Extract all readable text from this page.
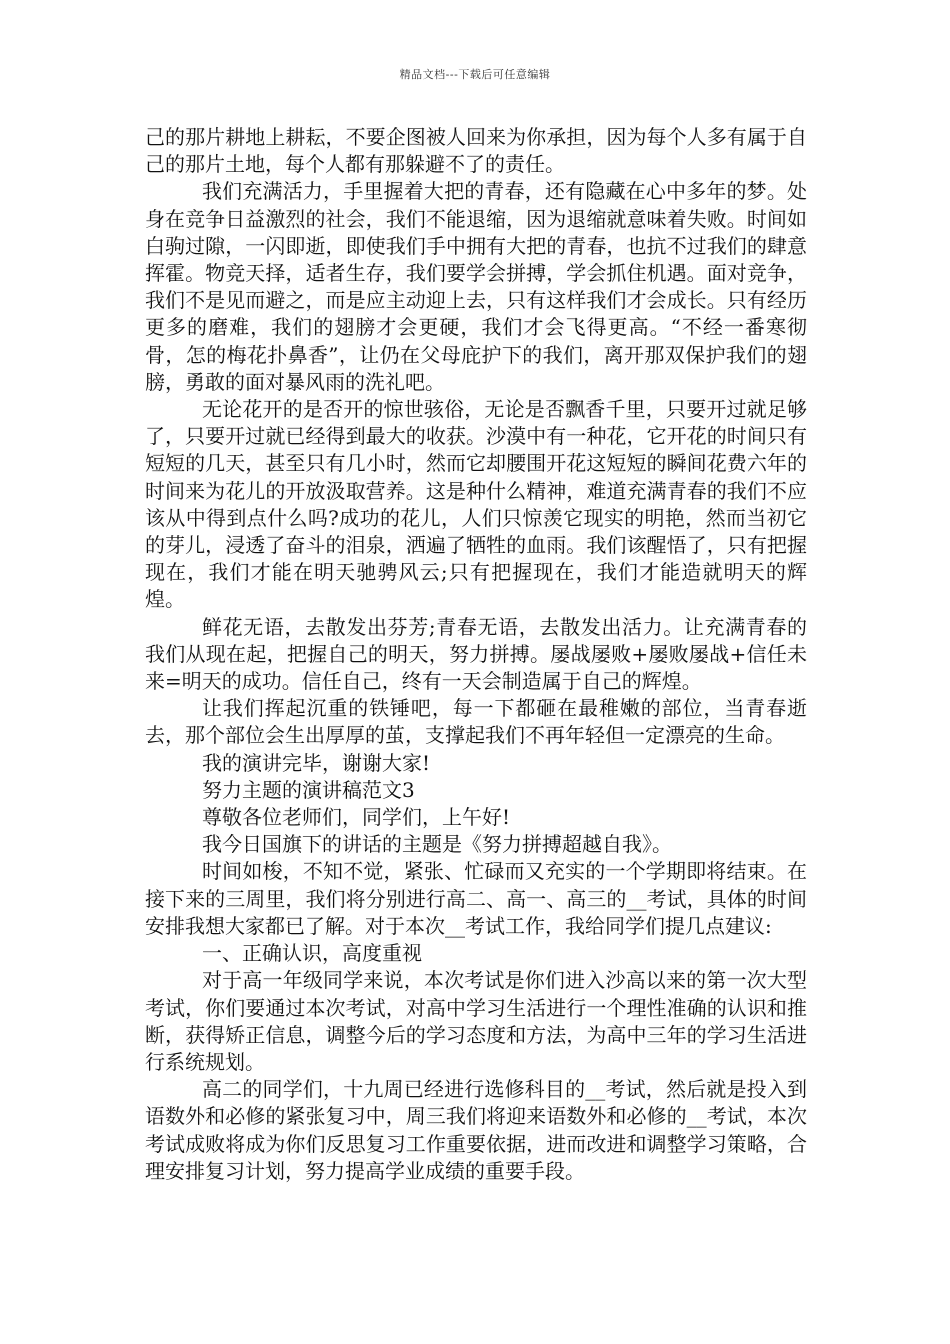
精品文档---下载后可任意编辑

己的那片耕地上耕耘，不要企图被人回来为你承担，因为每个人多有属于自己的那片土地，每个人都有那躲避不了的责任。

我们充满活力，手里握着大把的青春，还有隐藏在心中多年的梦。处身在竞争日益激烈的社会，我们不能退缩，因为退缩就意味着失败。时间如白驹过隙，一闪即逝，即使我们手中拥有大把的青春，也抗不过我们的肆意挥霍。物竞天择，适者生存，我们要学会拼搏，学会抓住机遇。面对竞争，我们不是见而避之，而是应主动迎上去，只有这样我们才会成长。只有经历更多的磨难，我们的翅膀才会更硬，我们才会飞得更高。“不经一番寒彻骨，怎的梅花扑鼻香”，让仍在父母庇护下的我们，离开那双保护我们的翅膀，勇敢的面对暴风雨的洗礼吧。

无论花开的是否开的惊世骇俗，无论是否飘香千里，只要开过就足够了，只要开过就已经得到最大的收获。沙漠中有一种花，它开花的时间只有短短的几天，甚至只有几小时，然而它却腰围开花这短短的瞬间花费六年的时间来为花儿的开放汲取营养。这是种什么精神，难道充满青春的我们不应该从中得到点什么吗?成功的花儿，人们只惊羡它现实的明艳，然而当初它的芽儿，浸透了奋斗的泪泉，洒遍了牺牲的血雨。我们该醒悟了，只有把握现在，我们才能在明天驰骋风云;只有把握现在，我们才能造就明天的辉煌。

鲜花无语，去散发出芬芳;青春无语，去散发出活力。让充满青春的我们从现在起，把握自己的明天，努力拼搏。屡战屡败+屡败屡战+信任未来=明天的成功。信任自己，终有一天会制造属于自己的辉煌。

让我们挥起沉重的铁锤吧，每一下都砸在最稚嫩的部位，当青春逝去，那个部位会生出厚厚的茧，支撑起我们不再年轻但一定漂亮的生命。

我的演讲完毕，谢谢大家!

努力主题的演讲稿范文3

尊敬各位老师们，同学们，上午好!

我今日国旗下的讲话的主题是《努力拼搏超越自我》。

时间如梭，不知不觉，紧张、忙碌而又充实的一个学期即将结束。在接下来的三周里，我们将分别进行高二、高一、高三的__考试，具体的时间安排我想大家都已了解。对于本次__考试工作，我给同学们提几点建议:

一、正确认识，高度重视

对于高一年级同学来说，本次考试是你们进入沙高以来的第一次大型考试，你们要通过本次考试，对高中学习生活进行一个理性准确的认识和推断，获得矫正信息，调整今后的学习态度和方法，为高中三年的学习生活进行系统规划。

高二的同学们，十九周已经进行选修科目的__考试，然后就是投入到语数外和必修的紧张复习中，周三我们将迎来语数外和必修的__考试，本次考试成败将成为你们反思复习工作重要依据，进而改进和调整学习策略，合理安排复习计划，努力提高学业成绩的重要手段。
